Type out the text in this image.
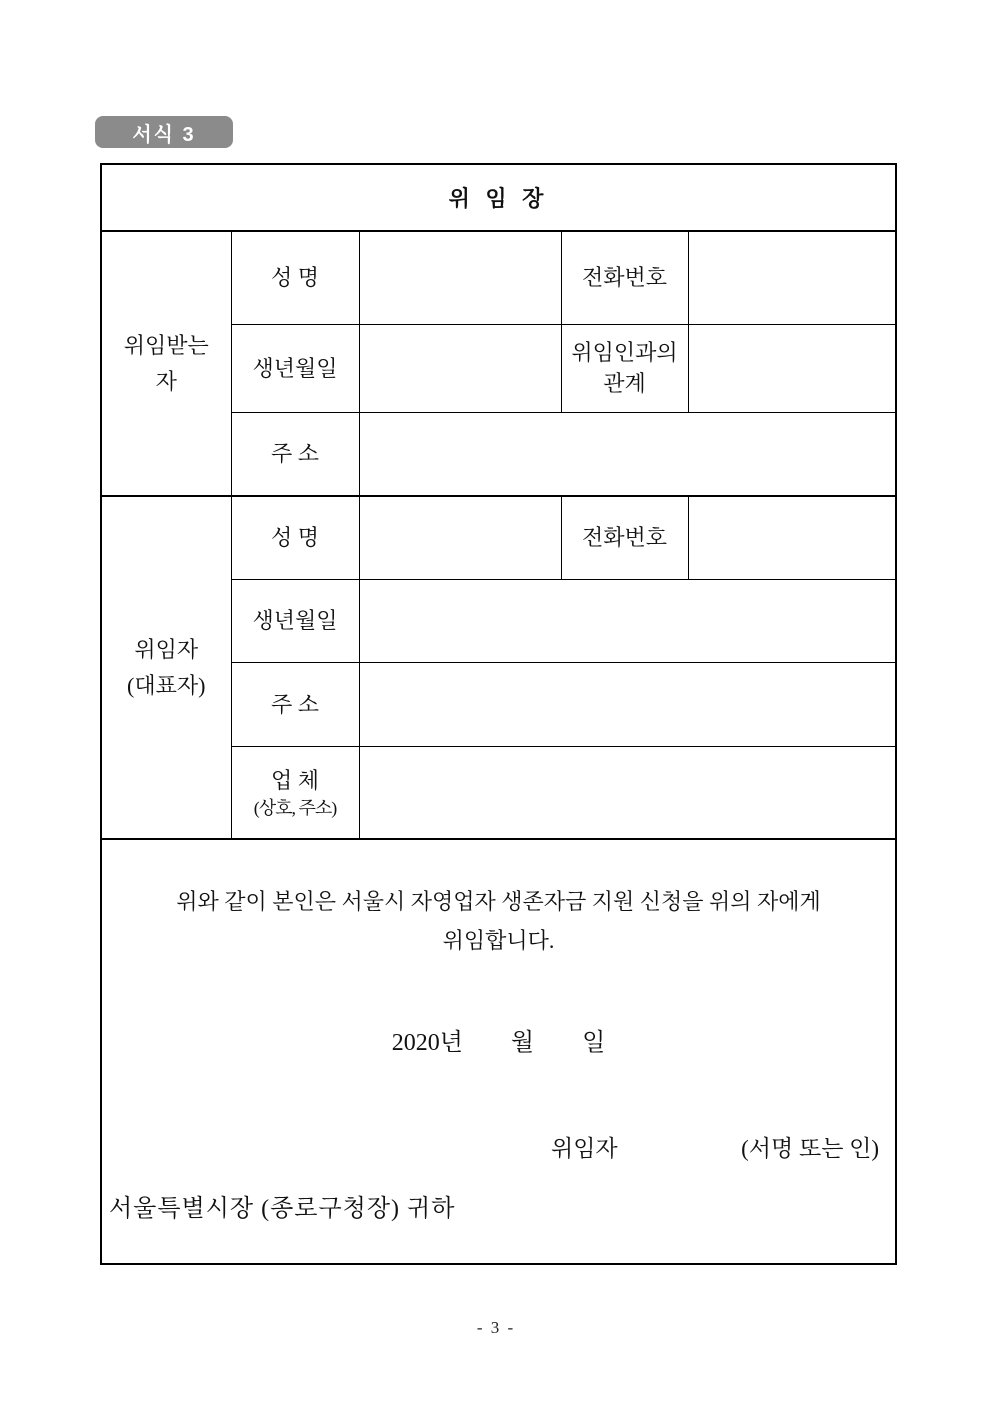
서식 3
위 임 장				

위임받는
자	성 명		전화번호	
	생년월일		위임인과의
관계	

	주 소			

위임자
(대표자)	성 명		전화번호	
	생년월일			
	주 소			

	업 체
(상호, 주소)			

위와 같이 본인은 서울시 자영업자 생존자금 지원 신청을 위의 자에게
위임합니다.
2020년 월 일
위임자	(서명 또는 인)
서울특별시장 (종로구청장) 귀하
- 3 -
